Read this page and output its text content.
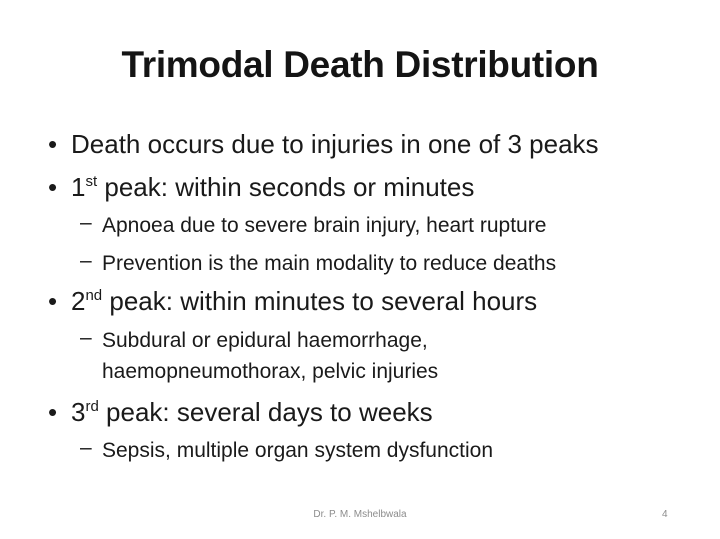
Trimodal Death Distribution
• Death occurs due to injuries in one of 3 peaks
• 1st peak: within seconds or minutes
– Apnoea due to severe brain injury, heart rupture
– Prevention is the main modality to reduce deaths
• 2nd peak: within minutes to several hours
– Subdural or epidural haemorrhage,
haemopneumothorax, pelvic injuries
• 3rd peak: several days to weeks
– Sepsis, multiple organ system dysfunction
Dr. P. M. Mshelbwala	4
